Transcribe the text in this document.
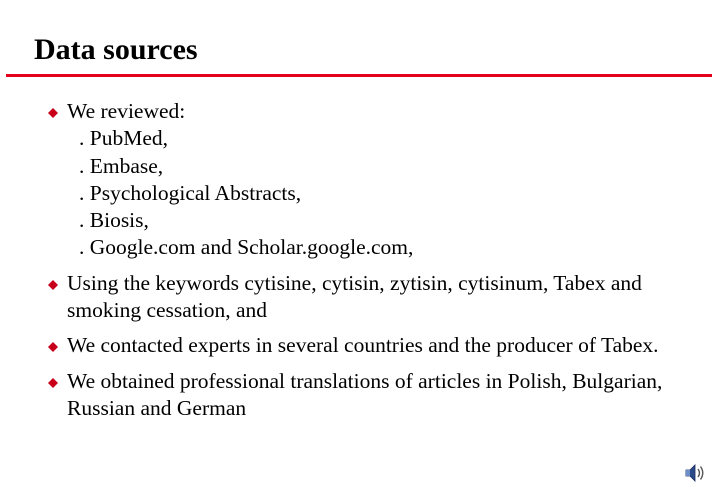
Data sources
We reviewed:
. PubMed,
. Embase,
. Psychological Abstracts,
. Biosis,
. Google.com and Scholar.google.com,
Using the keywords cytisine, cytisin, zytisin, cytisinum, Tabex and smoking cessation, and
We contacted experts in several countries and the producer of Tabex.
We obtained professional translations of articles in Polish, Bulgarian, Russian and German
